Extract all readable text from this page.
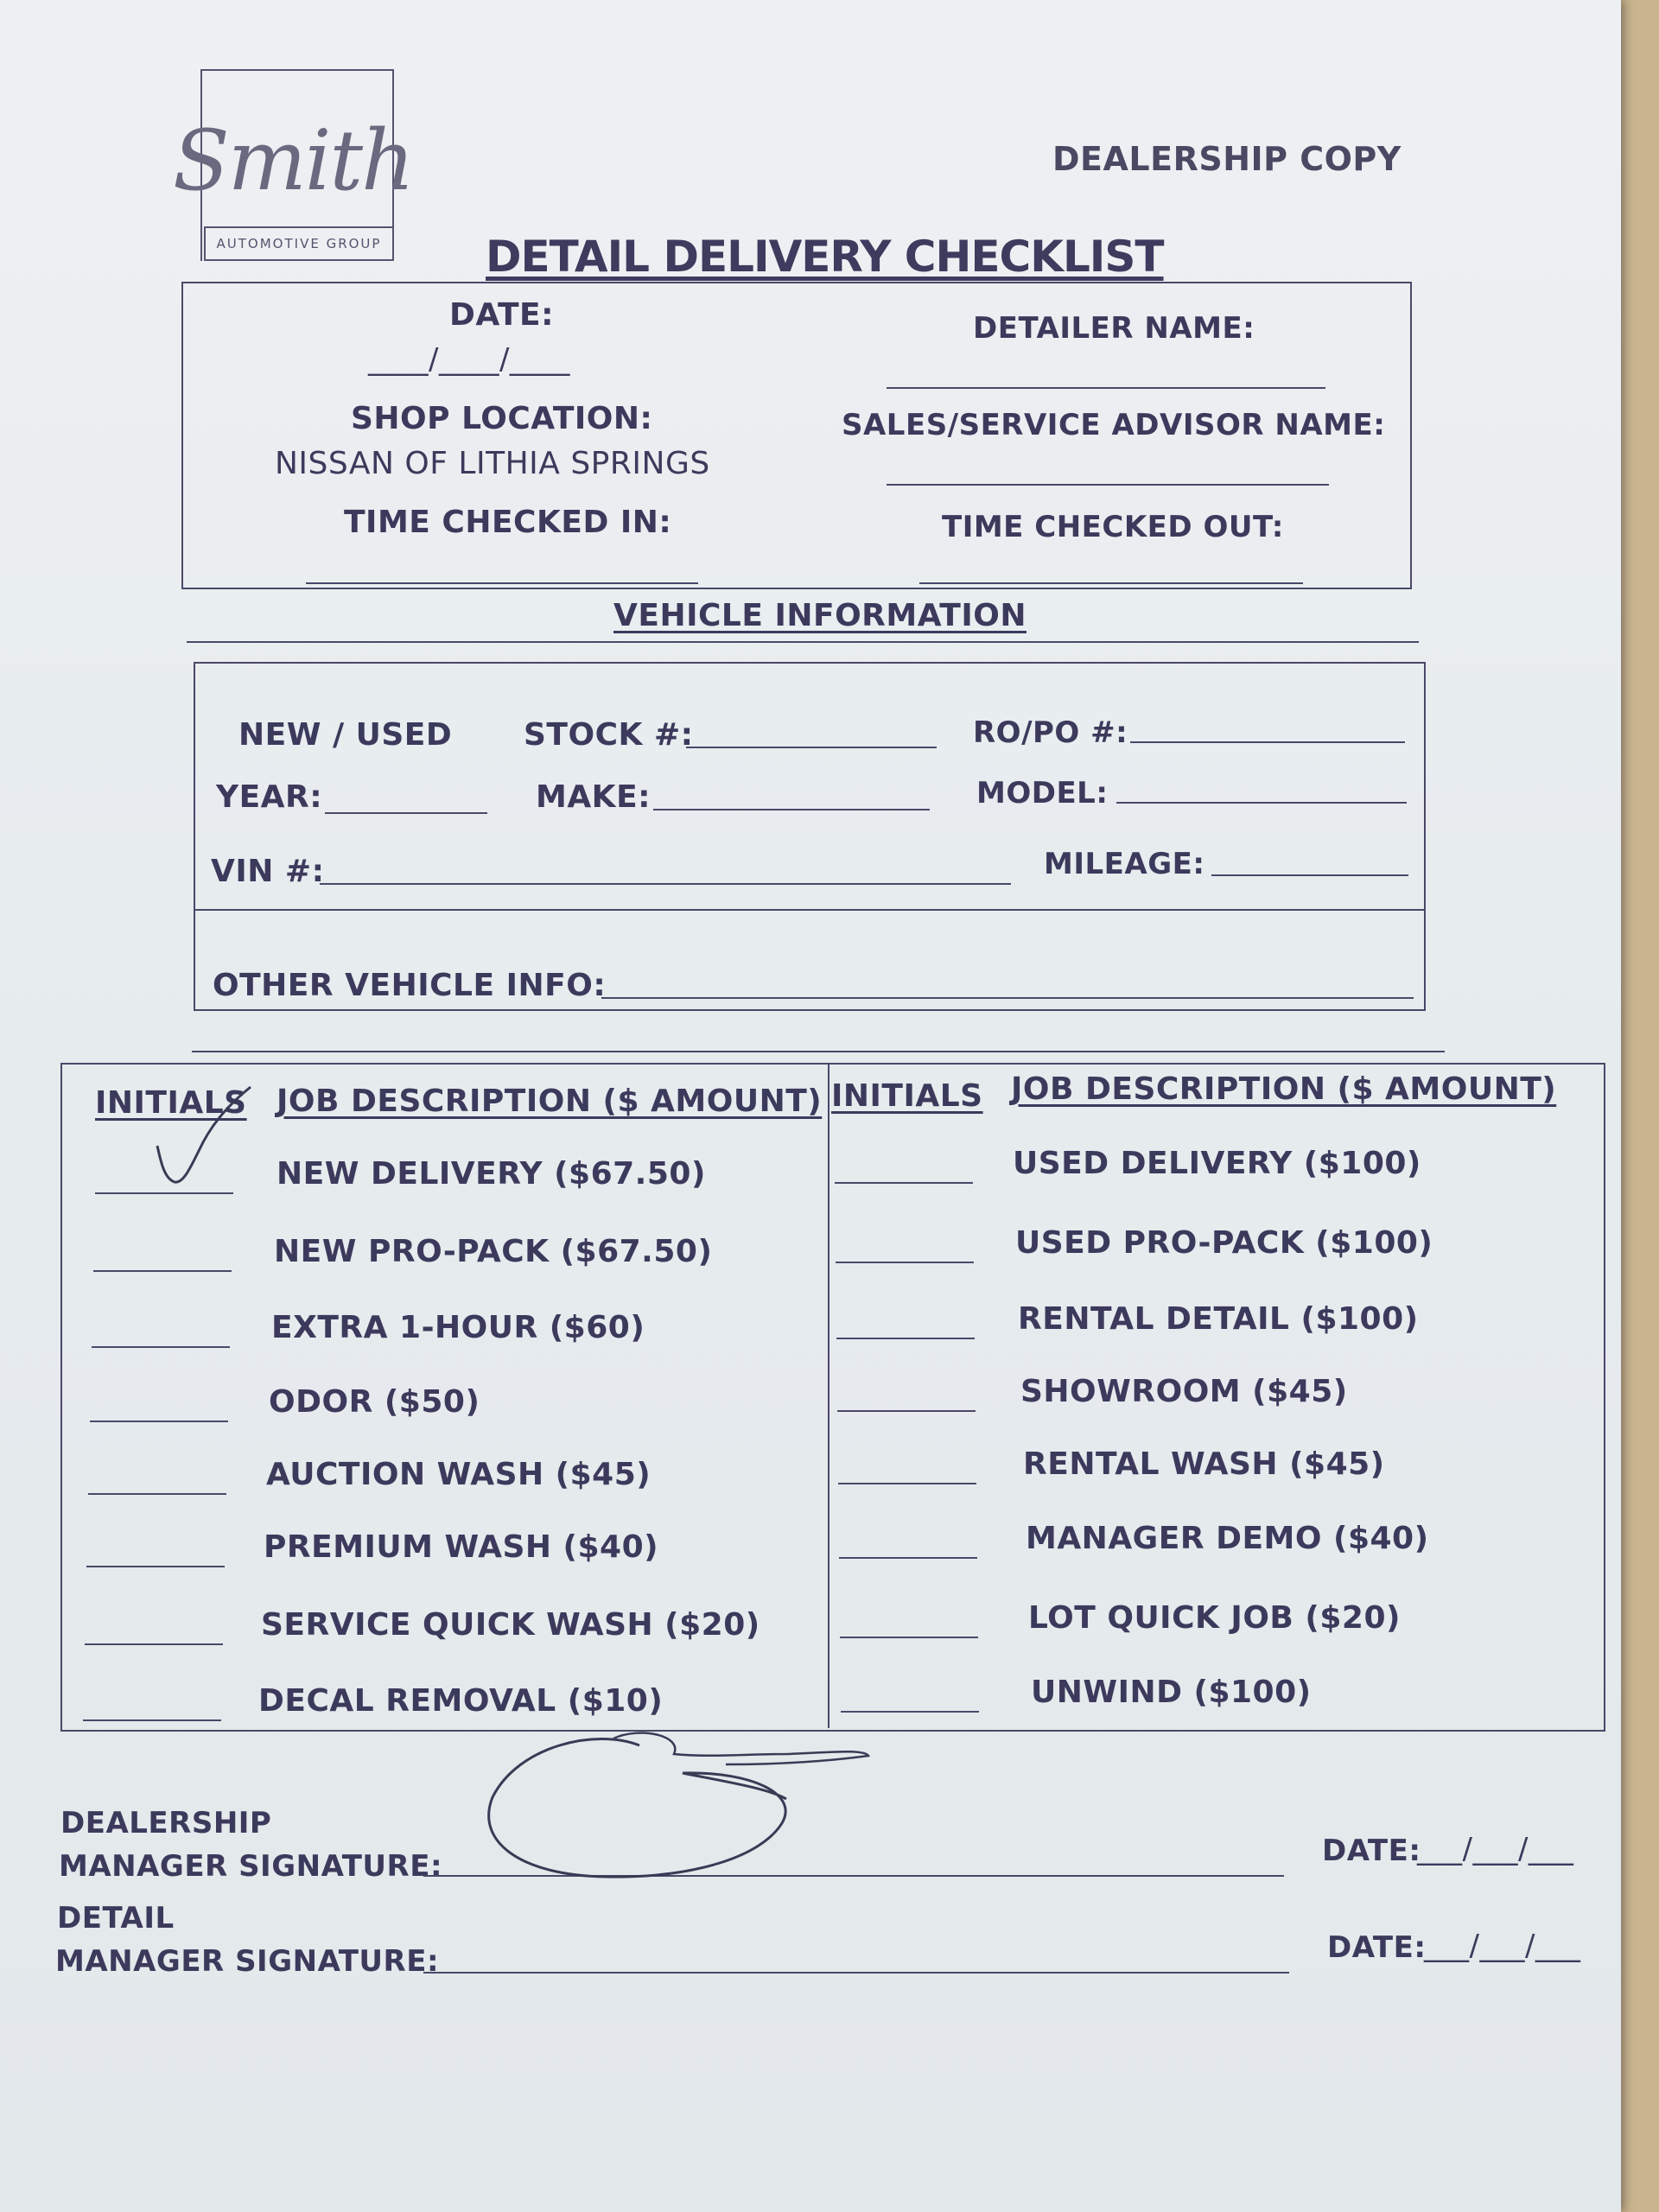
Smith
AUTOMOTIVE GROUP
DEALERSHIP COPY
DETAIL DELIVERY CHECKLIST
DATE:
____/____/____
DETAILER NAME:
SHOP LOCATION:
NISSAN OF LITHIA SPRINGS
SALES/SERVICE ADVISOR NAME:
TIME CHECKED IN:	TIME CHECKED OUT:
VEHICLE INFORMATION
NEW / USED STOCK #:	RO/PO #:
YEAR:	MAKE:	MODEL:
VIN #:	MILEAGE:
OTHER VEHICLE INFO:
INITIALS JOB DESCRIPTION ($ AMOUNT) INITIALS JOB DESCRIPTION ($ AMOUNT)
NEW DELIVERY ($67.50)
NEW PRO-PACK ($67.50)
EXTRA 1-HOUR ($60)
ODOR ($50)
AUCTION WASH ($45)
PREMIUM WASH ($40)
SERVICE QUICK WASH ($20)
DECAL REMOVAL ($10)
USED DELIVERY ($100)
USED PRO-PACK ($100)
RENTAL DETAIL ($100)
SHOWROOM ($45)
RENTAL WASH ($45)
MANAGER DEMO ($40)
LOT QUICK JOB ($20)
UNWIND ($100)
DEALERSHIP
MANAGER SIGNATURE:	DATE:
___/___/___
DETAIL
MANAGER SIGNATURE:	DATE:
___/___/___
